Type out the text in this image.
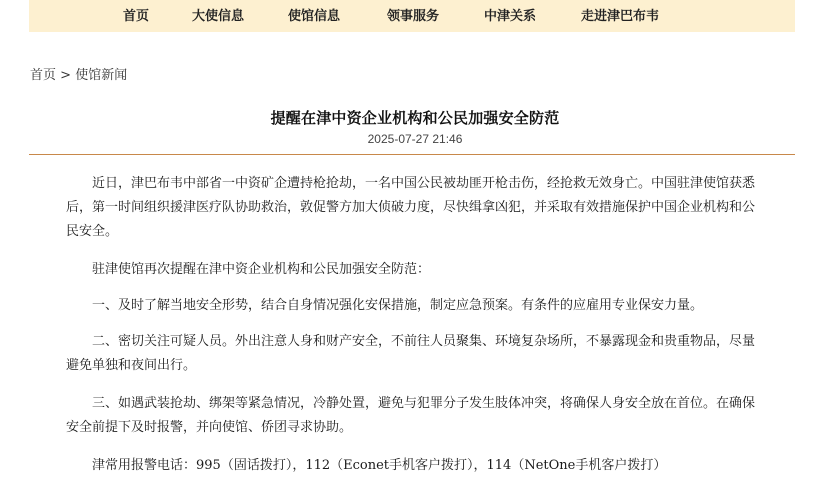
首页	大使信息	使馆信息	领事服务	中津关系	走进津巴布韦
首页 > 使馆新闻
提醒在津中资企业机构和公民加强安全防范
2025-07-27 21:46

近日，津巴布韦中部省一中资矿企遭持枪抢劫，一名中国公民被劫匪开枪击伤，经抢救无效身亡。中国驻津使馆获悉后，第一时间组织援津医疗队协助救治，敦促警方加大侦破力度，尽快缉拿凶犯，并采取有效措施保护中国企业机构和公民安全。

驻津使馆再次提醒在津中资企业机构和公民加强安全防范：

一、及时了解当地安全形势，结合自身情况强化安保措施，制定应急预案。有条件的应雇用专业保安力量。

二、密切关注可疑人员。外出注意人身和财产安全，不前往人员聚集、环境复杂场所，不暴露现金和贵重物品，尽量避免单独和夜间出行。

三、如遇武装抢劫、绑架等紧急情况，冷静处置，避免与犯罪分子发生肢体冲突，将确保人身安全放在首位。在确保安全前提下及时报警，并向使馆、侨团寻求协助。

津常用报警电话：995（固话拨打），112（Econet手机客户拨打），114（NetOne手机客户拨打）
